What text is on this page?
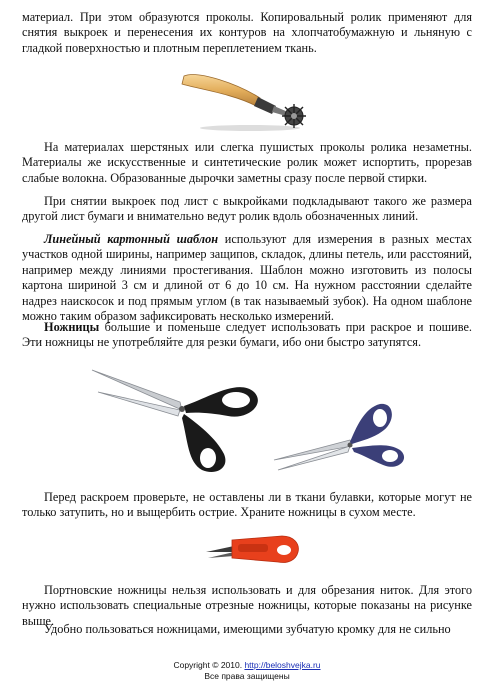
материал. При этом образуются проколы. Копировальный ролик применяют для снятия выкроек и перенесения их контуров на хлопчатобумажную и льняную с гладкой поверхностью и плотным переплетением ткань.

На материалах шерстяных или слегка пушистых проколы ролика незаметны. Материалы же искусственные и синтетические ролик может испортить, прорезав слабые волокна. Образованные дырочки заметны сразу после первой стирки.

При снятии выкроек под лист с выкройками подкладывают такого же размера другой лист бумаги и внимательно ведут ролик вдоль обозначенных линий.

Линейный картонный шаблон используют для измерения в разных местах участков одной ширины, например защипов, складок, длины петель, или расстояний, например между линиями простегивания. Шаблон можно изготовить из полосы картона шириной 3 см и длиной от 6 до 10 см. На нужном расстоянии сделайте надрез наискосок и под прямым углом (в так называемый зубок). На одном шаблоне можно таким образом зафиксировать несколько измерений.

Ножницы большие и поменьше следует использовать при раскрое и пошиве. Эти ножницы не употребляйте для резки бумаги, ибо они быстро затупятся.

Перед раскроем проверьте, не оставлены ли в ткани булавки, которые могут не только затупить, но и выщербить острие. Храните ножницы в сухом месте.

Портновские ножницы нельзя использовать и для обрезания ниток. Для этого нужно использовать специальные отрезные ножницы, которые показаны на рисунке выше.

Удобно пользоваться ножницами, имеющими зубчатую кромку для не сильно

Copyright © 2010. http://beloshvejka.ru
Все права защищены
